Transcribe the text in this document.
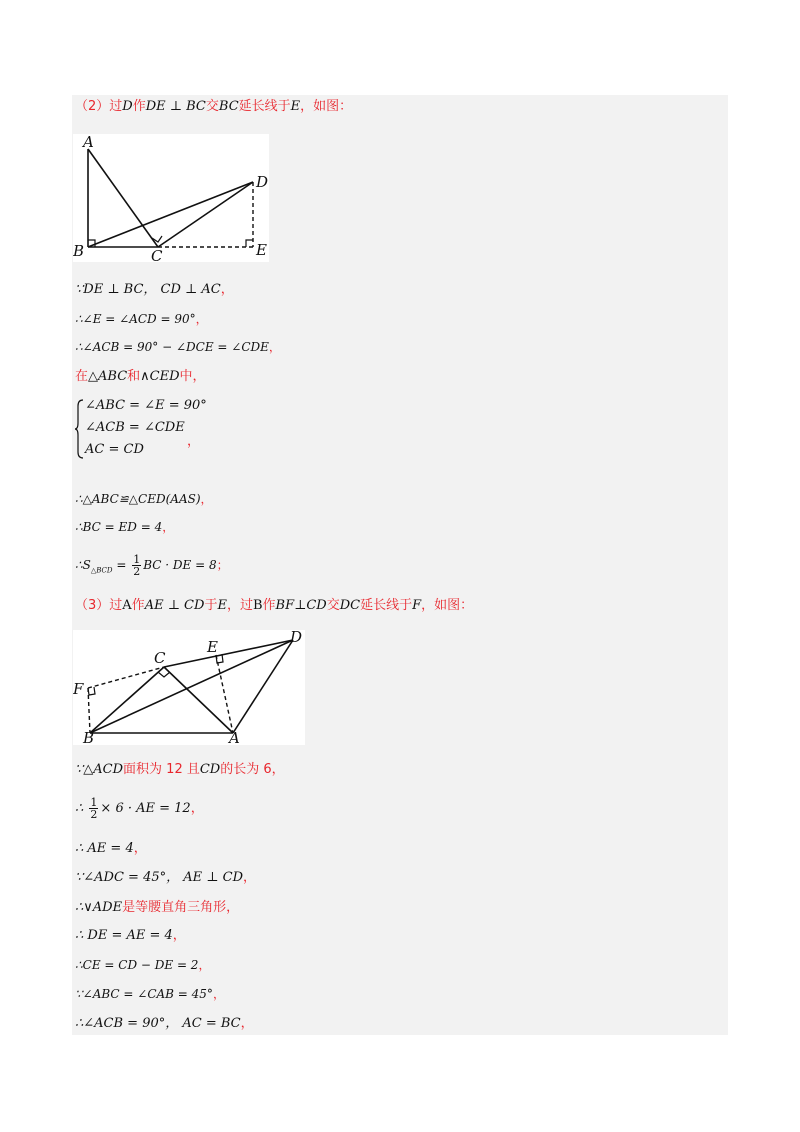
（2）过D作DE ⊥ BC交BC延长线于E，如图：
A
B	C
D
E
∵DE ⊥ BC， CD ⊥ AC，
∴∠E = ∠ACD = 90°，
∴∠ACB = 90° − ∠DCE = ∠CDE，
在△ABC和∧CED中，
∠ABC = ∠E = 90°
∠ACB = ∠CDE
AC = CD
，
∴△ABC≌△CED(AAS)，
∴BC = ED = 4，
$\therefore S_{\triangle BCD} = \frac{1}{2}$ BC · DE = 8；
（3）过A作AE ⊥ CD于E，过B作BF⊥CD交DC延长线于F，如图：
F
C
E
D
B	A
∵△ACD面积为 12 且CD的长为 6，
∴ $\frac{1}{2} \times 6$ · AE = 12，
∴ AE = 4，
∵∠ADC = 45°， AE ⊥ CD，
∴∨ADE是等腰直角三角形，
∴ DE = AE = 4，
∴CE = CD − DE = 2，
∵∠ABC = ∠CAB = 45°，
∴∠ACB = 90°， AC = BC，
